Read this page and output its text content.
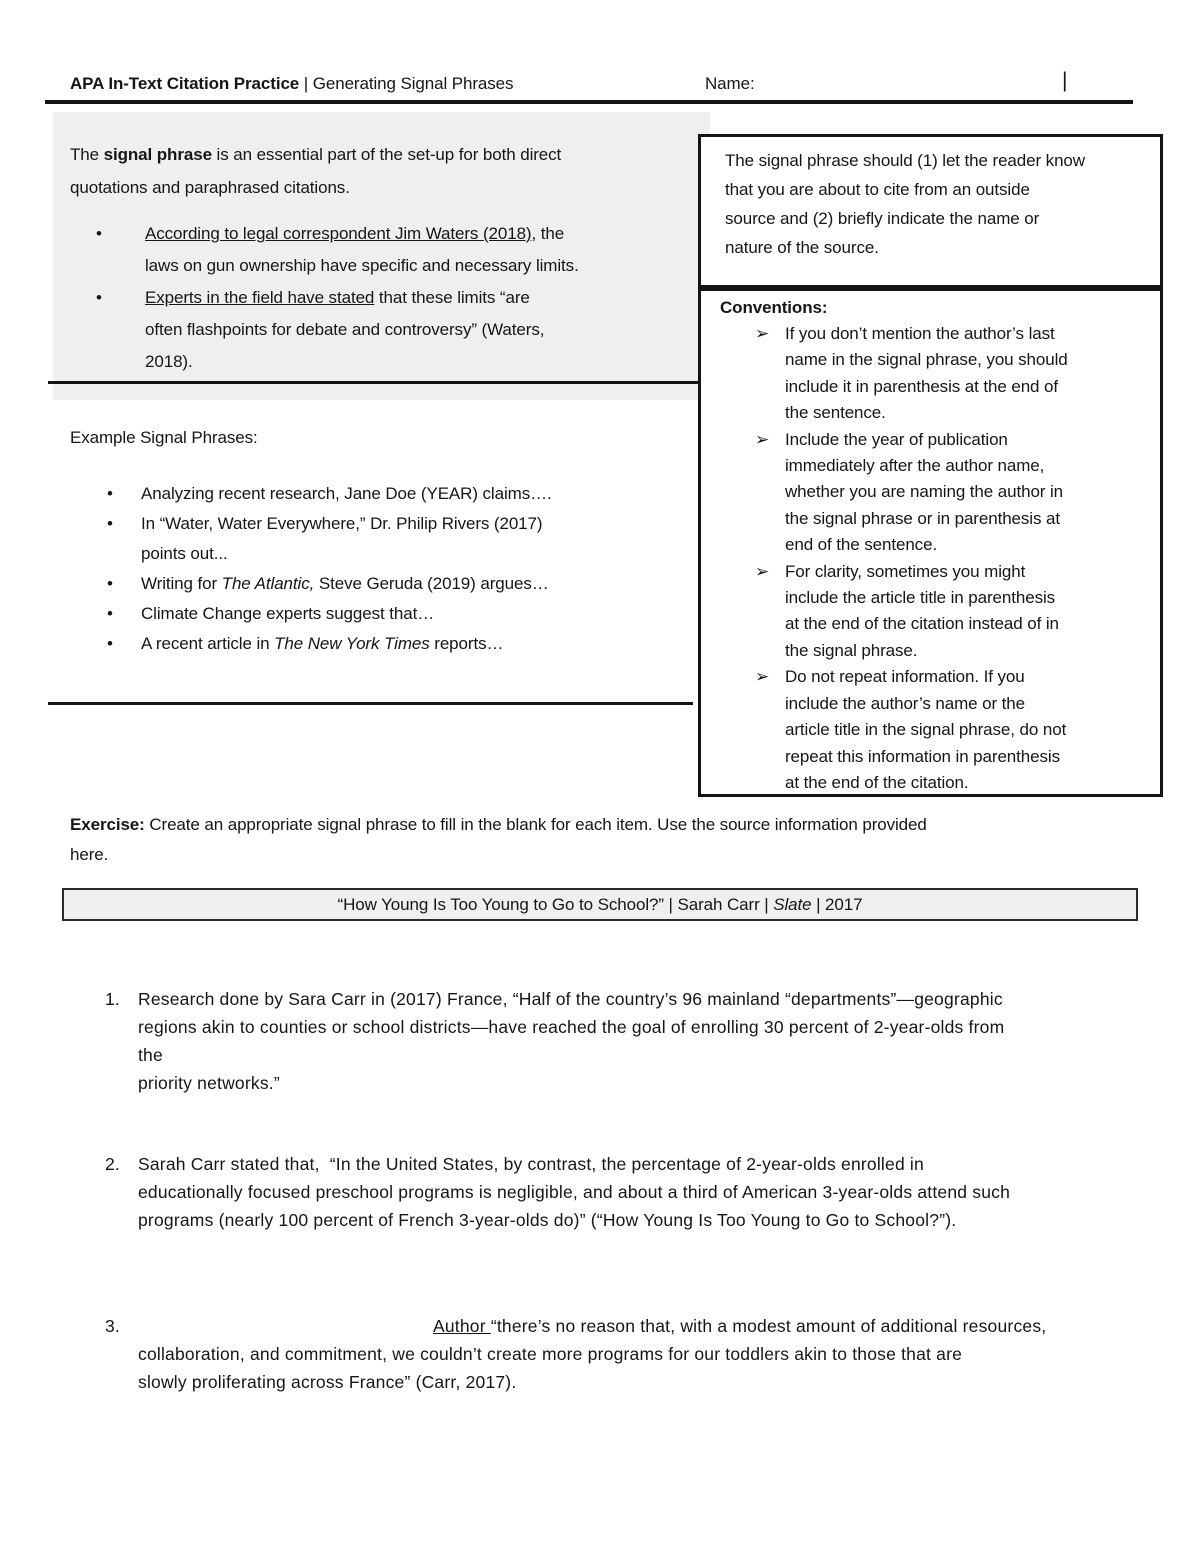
APA In-Text Citation Practice | Generating Signal Phrases	Name:	|
The signal phrase is an essential part of the set-up for both direct
quotations and paraphrased citations.
•	According to legal correspondent Jim Waters (2018), the
laws on gun ownership have specific and necessary limits.
•	Experts in the field have stated that these limits “are
often flashpoints for debate and controversy” (Waters,
2018).
The signal phrase should (1) let the reader know
that you are about to cite from an outside
source and (2) briefly indicate the name or
nature of the source.
Conventions:
➢ If you don’t mention the author’s last
name in the signal phrase, you should
include it in parenthesis at the end of
the sentence.
➢ Include the year of publication
immediately after the author name,
whether you are naming the author in
the signal phrase or in parenthesis at
end of the sentence.
➢ For clarity, sometimes you might
include the article title in parenthesis
at the end of the citation instead of in
the signal phrase.
➢ Do not repeat information. If you
include the author’s name or the
article title in the signal phrase, do not
repeat this information in parenthesis
at the end of the citation.
Example Signal Phrases:
•	Analyzing recent research, Jane Doe (YEAR) claims….
•	In “Water, Water Everywhere,” Dr. Philip Rivers (2017)
points out...
•	Writing for The Atlantic, Steve Geruda (2019) argues…
•	Climate Change experts suggest that…
•	A recent article in The New York Times reports…
Exercise: Create an appropriate signal phrase to fill in the blank for each item. Use the source information provided
here.
“How Young Is Too Young to Go to School?” | Sarah Carr | Slate | 2017
1.	Research done by Sara Carr in (2017) France, “Half of the country’s 96 mainland “departments”—geographic
regions akin to counties or school districts—have reached the goal of enrolling 30 percent of 2-year-olds from
the
priority networks.”
2.	Sarah Carr stated that,  “In the United States, by contrast, the percentage of 2-year-olds enrolled in
educationally focused preschool programs is negligible, and about a third of American 3-year-olds attend such
programs (nearly 100 percent of French 3-year-olds do)” (“How Young Is Too Young to Go to School?”).
3.	Author “there’s no reason that, with a modest amount of additional resources,
collaboration, and commitment, we couldn’t create more programs for our toddlers akin to those that are
slowly proliferating across France” (Carr, 2017).
